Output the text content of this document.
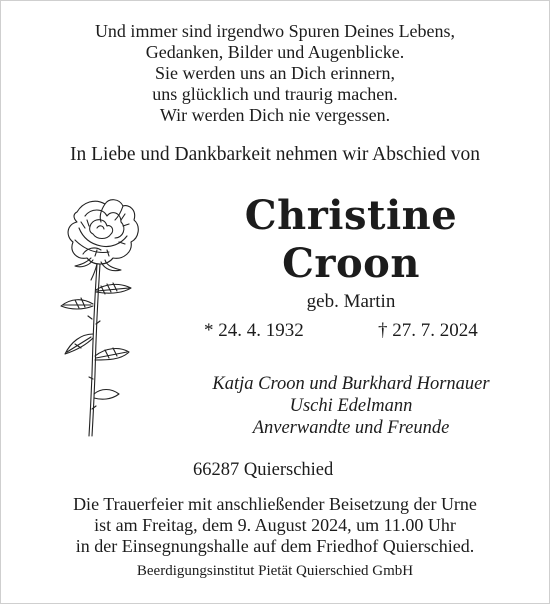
Und immer sind irgendwo Spuren Deines Lebens,
Gedanken, Bilder und Augenblicke.
Sie werden uns an Dich erinnern,
uns glücklich und traurig machen.
Wir werden Dich nie vergessen.
In Liebe und Dankbarkeit nehmen wir Abschied von
Christine
Croon
geb. Martin
* 24. 4. 1932	† 27. 7. 2024
Katja Croon und Burkhard Hornauer
Uschi Edelmann
Anverwandte und Freunde
66287 Quierschied
Die Trauerfeier mit anschließender Beisetzung der Urne
ist am Freitag, dem 9. August 2024, um 11.00 Uhr
in der Einsegnungshalle auf dem Friedhof Quierschied.
Beerdigungsinstitut Pietät Quierschied GmbH
